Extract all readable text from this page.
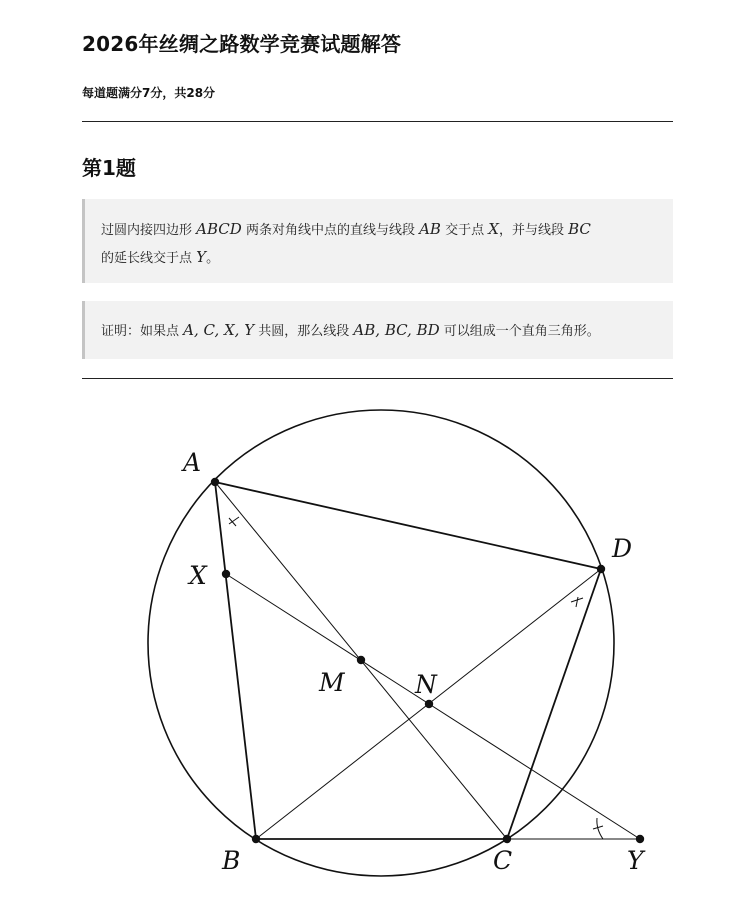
2026年丝绸之路数学竞赛试题解答
每道题满分7分，共28分
第1题
过圆内接四边形 ABCD 两条对角线中点的直线与线段 AB 交于点 X，并与线段 BC
的延长线交于点 Y。
证明：如果点 A, C, X, Y 共圆，那么线段 AB, BC, BD 可以组成一个直角三角形。
A
D
X
M	N
B	C	Y
